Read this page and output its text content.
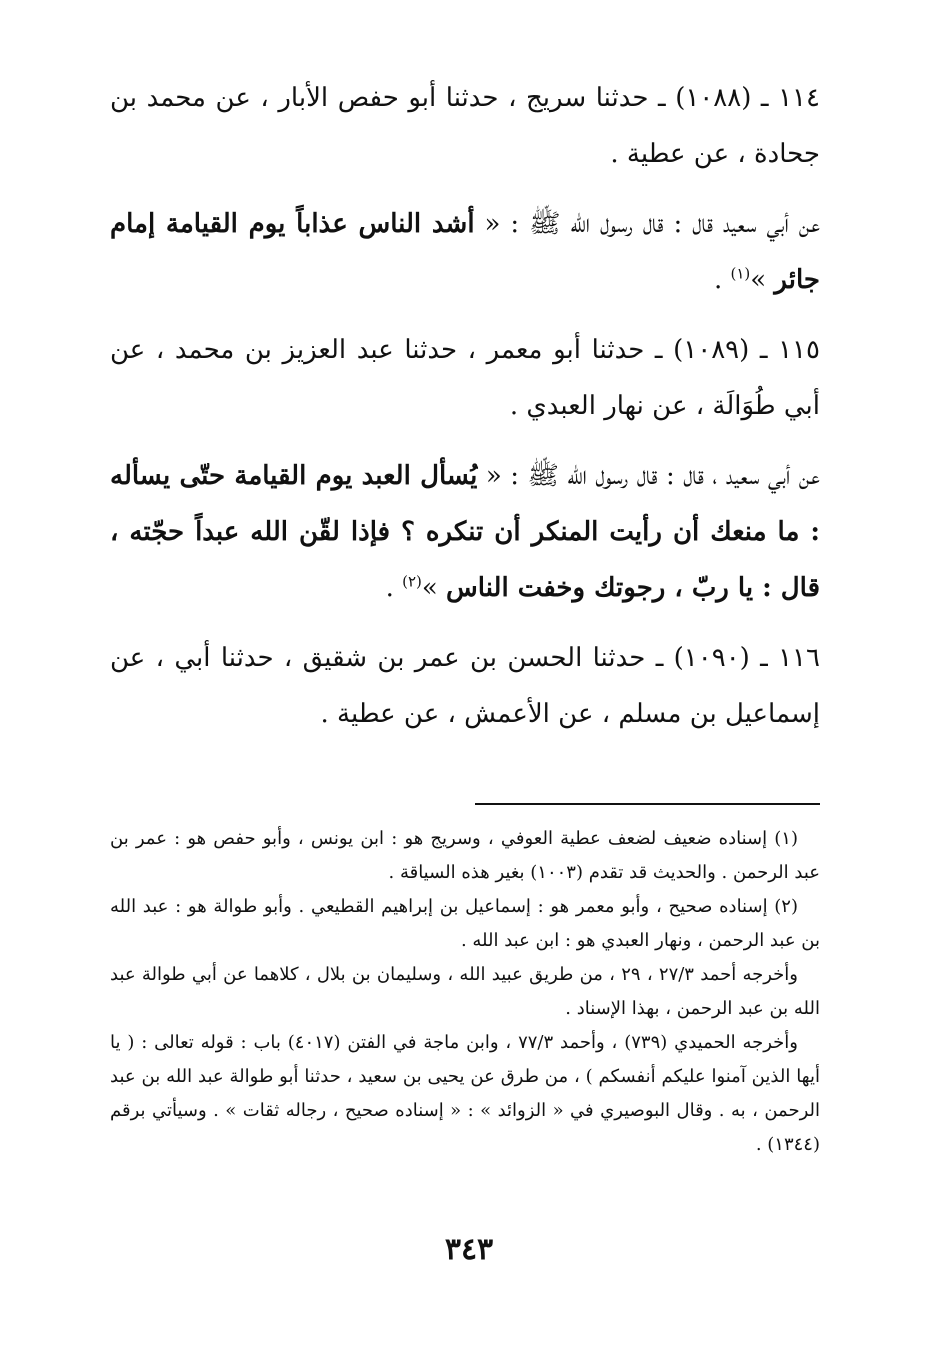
١١٤ ـ (١٠٨٨) ـ حدثنا سريج ، حدثنا أبو حفص الأبار ، عن محمد بن جحادة ، عن عطية .

عن أبي سعيد قال : قال رسول الله ﷺ : « أشد الناس عذاباً يوم القيامة إمام جائر »$^{(١)}$ .

١١٥ ـ (١٠٨٩) ـ حدثنا أبو معمر ، حدثنا عبد العزيز بن محمد ، عن أبي طُوَالَة ، عن نهار العبدي .

عن أبي سعيد ، قال : قال رسول الله ﷺ : « يُسأل العبد يوم القيامة حتّى يسأله : ما منعك أن رأيت المنكر أن تنكره ؟ فإذا لقّن الله عبداً حجّته ، قال : يا ربّ ، رجوتك وخفت الناس »$^{(٢)}$ .

١١٦ ـ (١٠٩٠) ـ حدثنا الحسن بن عمر بن شقيق ، حدثنا أبي ، عن إسماعيل بن مسلم ، عن الأعمش ، عن عطية .

(١) إسناده ضعيف لضعف عطية العوفي ، وسريج هو : ابن يونس ، وأبو حفص هو : عمر بن عبد الرحمن . والحديث قد تقدم (١٠٠٣) بغير هذه السياقة .

(٢) إسناده صحيح ، وأبو معمر هو : إسماعيل بن إبراهيم القطيعي . وأبو طوالة هو : عبد الله بن عبد الرحمن ، ونهار العبدي هو : ابن عبد الله .

وأخرجه أحمد ٢٧/٣ ، ٢٩ ، من طريق عبيد الله ، وسليمان بن بلال ، كلاهما عن أبي طوالة عبد الله بن عبد الرحمن ، بهذا الإسناد .

وأخرجه الحميدي (٧٣٩) ، وأحمد ٧٧/٣ ، وابن ماجة في الفتن (٤٠١٧) باب : قوله تعالى : ( يا أيها الذين آمنوا عليكم أنفسكم ) ، من طرق عن يحيى بن سعيد ، حدثنا أبو طوالة عبد الله بن عبد الرحمن ، به . وقال البوصيري في « الزوائد » : « إسناده صحيح ، رجاله ثقات » . وسيأتي برقم (١٣٤٤) .

٣٤٣
